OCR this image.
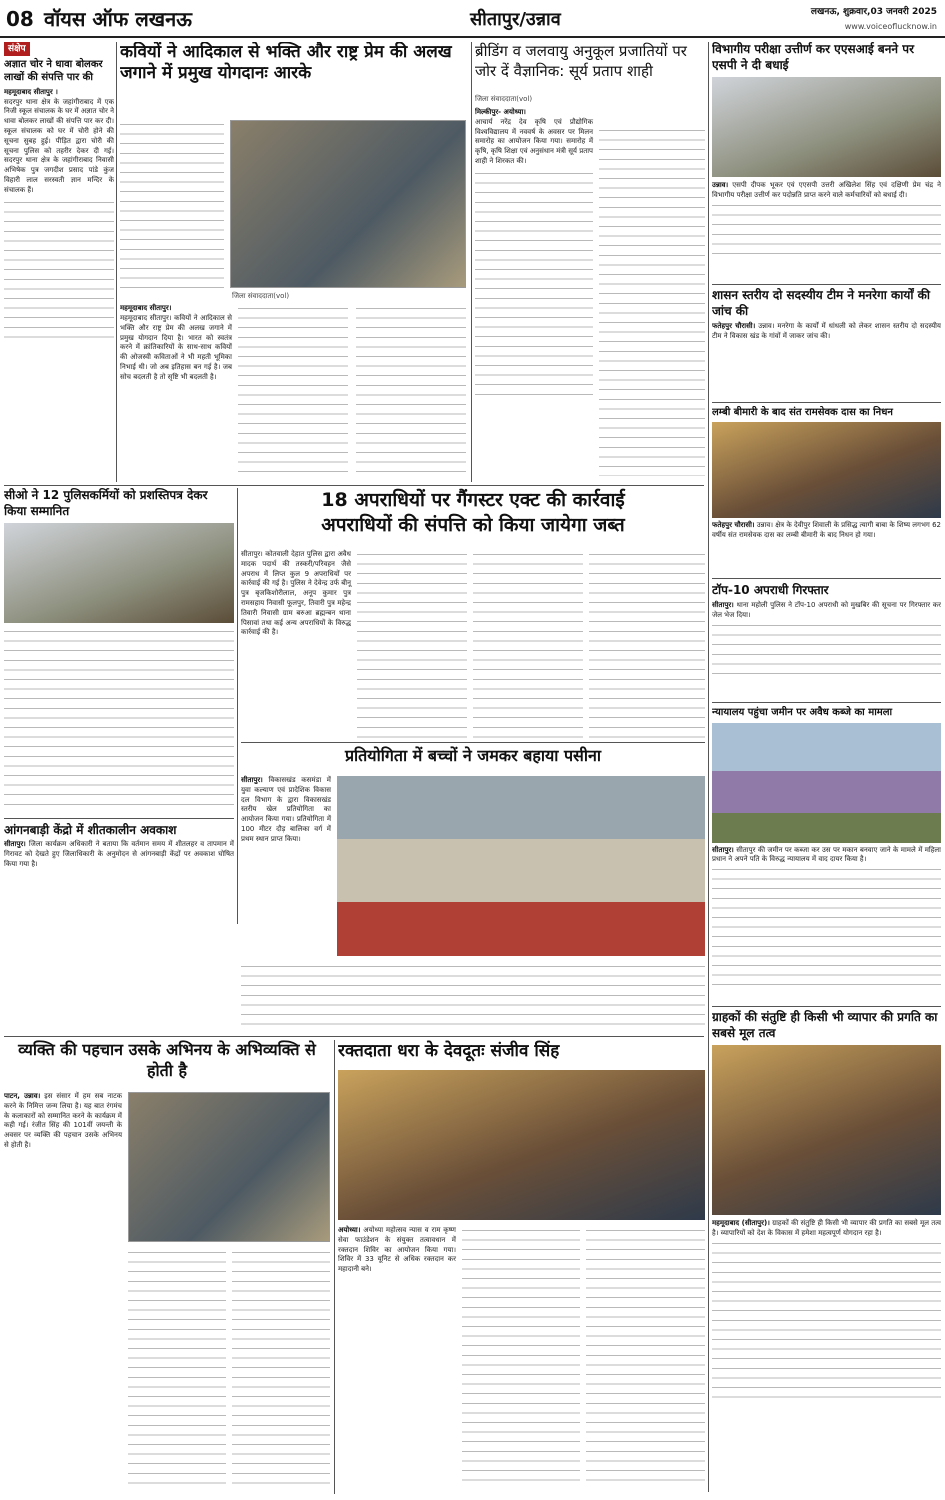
08 वॉयस ऑफ लखनऊ	सीतापुर/उन्नाव	लखनऊ, शुक्रवार,03 जनवरी 2025
www.voiceoflucknow.in
संक्षेप
अज्ञात चोर ने धावा बोलकर लाखों की संपत्ति पार की
महमूदाबाद सीतापुर ।
सदरपुर थाना क्षेत्र के जहांगीराबाद में एक निजी स्कूल संचालक के घर में अज्ञात चोर ने धावा बोलकर लाखों की संपत्ति पार कर दी। स्कूल संचालक को घर में चोरी होने की सूचना सुबह हुई। पीड़ित द्वारा चोरी की सूचना पुलिस को तहरीर देकर दी गई। सदरपुर थाना क्षेत्र के जहांगीराबाद निवासी अभिषेक पुत्र जगदीश प्रसाद पांडे कुंज विहारी लाल सरस्वती ज्ञान मन्दिर के संचालक हैं।
कवियों ने आदिकाल से भक्ति और राष्ट्र प्रेम की अलख जगाने में प्रमुख योगदानः आरके
जिला संवाददाता(vol)
महमूदाबाद सीतापुर।
महमूदाबाद सीतापुर। कवियों ने आदिकाल से भक्ति और राष्ट्र प्रेम की अलख जगाने में प्रमुख योगदान दिया है। भारत को स्वतंत्र करने में क्रांतिकारियों के साथ-साथ कवियों की ओजस्वी कविताओं ने भी महती भूमिका निभाई थी। जो अब इतिहास बन गई है। जब सोच बदलती है तो सृष्टि भी बदलती है।
ब्रीडिंग व जलवायु अनुकूल प्रजातियों पर जोर दें वैज्ञानिक: सूर्य प्रताप शाही
जिला संवाददाता(vol)
मिल्कीपुर- अयोध्या।
आचार्य नरेंद्र देव कृषि एवं प्रौद्योगिक विश्वविद्यालय में नववर्ष के अवसर पर मिलन समारोह का आयोजन किया गया। समारोह में कृषि, कृषि शिक्षा एवं अनुसंधान मंत्री सूर्य प्रताप शाही ने शिरकत की।
विभागीय परीक्षा उत्तीर्ण कर एएसआई बनने पर एसपी ने दी बधाई
उन्नाव। एसपी दीपक भूकर एवं एएसपी उत्तरी अखिलेश सिंह एवं दक्षिणी प्रेम चंद्र ने विभागीय परीक्षा उत्तीर्ण कर पदोन्नति प्राप्त करने वाले कर्मचारियों को बधाई दी।
शासन स्तरीय दो सदस्यीय टीम ने मनरेगा कार्यों की जांच की
फतेहपुर चौरासी। उन्नाव। मनरेगा के कार्यों में धांधली को लेकर शासन स्तरीय दो सदस्यीय टीम ने विकास खंड के गांवों में जाकर जांच की।
लम्बी बीमारी के बाद संत रामसेवक दास का निधन
फतेहपुर चौरासी। उन्नाव। क्षेत्र के देवीपुर शिवाली के प्रसिद्ध त्यागी बाबा के शिष्य लगभग 62 वर्षीय संत रामसेवक दास का लम्बी बीमारी के बाद निधन हो गया।
टॉप-10 अपराधी गिरफ्तार
सीतापुर। थाना महोली पुलिस ने टॉप-10 अपराधी को मुखबिर की सूचना पर गिरफ्तार कर जेल भेज दिया।
न्यायालय पहुंचा जमीन पर अवैध कब्जे का मामला
सीतापुर। सीतापुर की जमीन पर कब्जा कर उस पर मकान बनवाए जाने के मामले में महिला प्रधान ने अपने पति के विरुद्ध न्यायालय में वाद दायर किया है।
ग्राहकों की संतुष्टि ही किसी भी व्यापार की प्रगति का सबसे मूल तत्व
महमूदाबाद (सीतापुर)। ग्राहकों की संतुष्टि ही किसी भी व्यापार की प्रगति का सबसे मूल तत्व है। व्यापारियों को देश के विकास में हमेशा महत्वपूर्ण योगदान रहा है।
सीओ ने 12 पुलिसकर्मियों को प्रशस्तिपत्र देकर किया सम्मानित
आंगनबाड़ी केंद्रो में शीतकालीन अवकाश
सीतापुर। जिला कार्यक्रम अधिकारी ने बताया कि वर्तमान समय में शीतलहर व तापमान में गिरावट को देखते हुए जिलाधिकारी के अनुमोदन से आंगनबाड़ी केंद्रों पर अवकाश घोषित किया गया है।
18 अपराधियों पर गैंगस्टर एक्ट की कार्रवाई
अपराधियों की संपत्ति को किया जायेगा जब्त
सीतापुर। कोतवाली देहात पुलिस द्वारा अवैध मादक पदार्थ की तस्करी/परिवहन जैसे अपराध में लिप्त कुल 9 अपराधियों पर कार्रवाई की गई है। पुलिस ने देवेन्द्र उर्फ बीनू पुत्र बृजकिशोरीलाल, अनूप कुमार पुत्र रामसहाय निवासी फूलपुर, तिवारी पुत्र महेन्द्र तिवारी निवासी ग्राम बरुआ ब्रह्मन्बन थाना पिसावां तथा कई अन्य अपराधियों के विरुद्ध कार्रवाई की है।
प्रतियोगिता में बच्चों ने जमकर बहाया पसीना
सीतापुर। विकासखंड कसमंडा में युवा कल्याण एवं प्रादेशिक विकास दल विभाग के द्वारा विकासखंड स्तरीय खेल प्रतियोगिता का आयोजन किया गया। प्रतियोगिता में 100 मीटर दौड़ बालिका वर्ग में प्रथम स्थान प्राप्त किया।
व्यक्ति की पहचान उसके अभिनय के अभिव्यक्ति से होती है
पाटन, उन्नाव। इस संसार में हम सब नाटक करने के निमित्त जन्म लिया है। यह बात रंगमंच के कलाकारों को सम्मानित करने के कार्यक्रम में कही गई। रंजीत सिंह की 101वीं जयन्ती के अवसर पर व्यक्ति की पहचान उसके अभिनय से होती है।
रक्तदाता धरा के देवदूतः संजीव सिंह
अयोध्या। अयोध्या महोत्सव न्यास व राम कृष्ण सेवा फाउंडेशन के संयुक्त तत्वावधान में रक्तदान शिविर का आयोजन किया गया। शिविर में 33 यूनिट से अधिक रक्तदान कर महादानी बने।
